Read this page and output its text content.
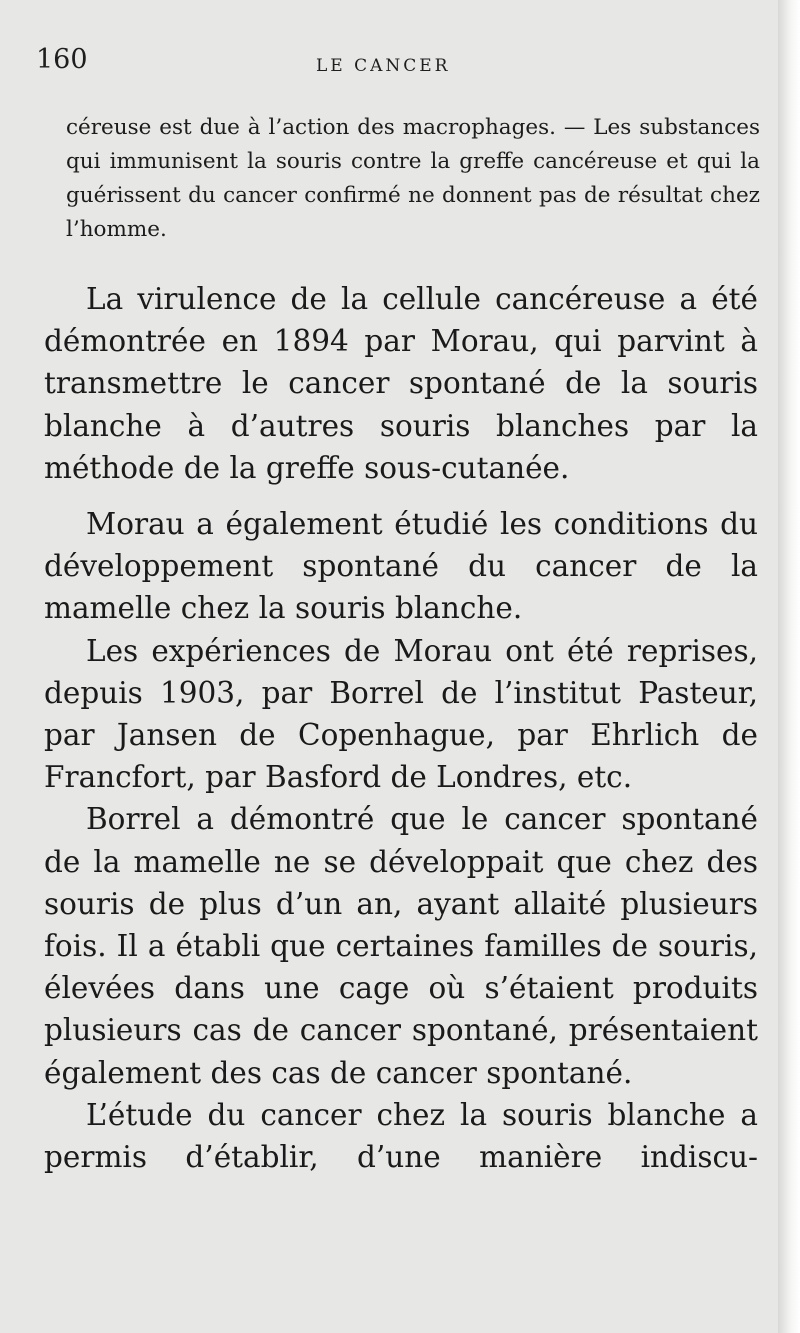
160	LE CANCER
céreuse est due à l’action des macrophages. — Les substances qui immunisent la souris contre la greffe cancéreuse et qui la guérissent du cancer confirmé ne donnent pas de résultat chez l’homme.

La virulence de la cellule cancéreuse a été démontrée en 1894 par Morau, qui parvint à transmettre le cancer spontané de la souris blanche à d’autres souris blanches par la méthode de la greffe sous-cutanée.

Morau a également étudié les conditions du développement spontané du cancer de la mamelle chez la souris blanche.

Les expériences de Morau ont été reprises, depuis 1903, par Borrel de l’institut Pasteur, par Jansen de Copenhague, par Ehrlich de Francfort, par Basford de Londres, etc.

Borrel a démontré que le cancer spontané de la mamelle ne se développait que chez des souris de plus d’un an, ayant allaité plusieurs fois. Il a établi que certaines familles de souris, élevées dans une cage où s’étaient produits plusieurs cas de cancer spontané, présentaient également des cas de cancer spontané.

L’étude du cancer chez la souris blanche a permis d’établir, d’une manière indiscu-
